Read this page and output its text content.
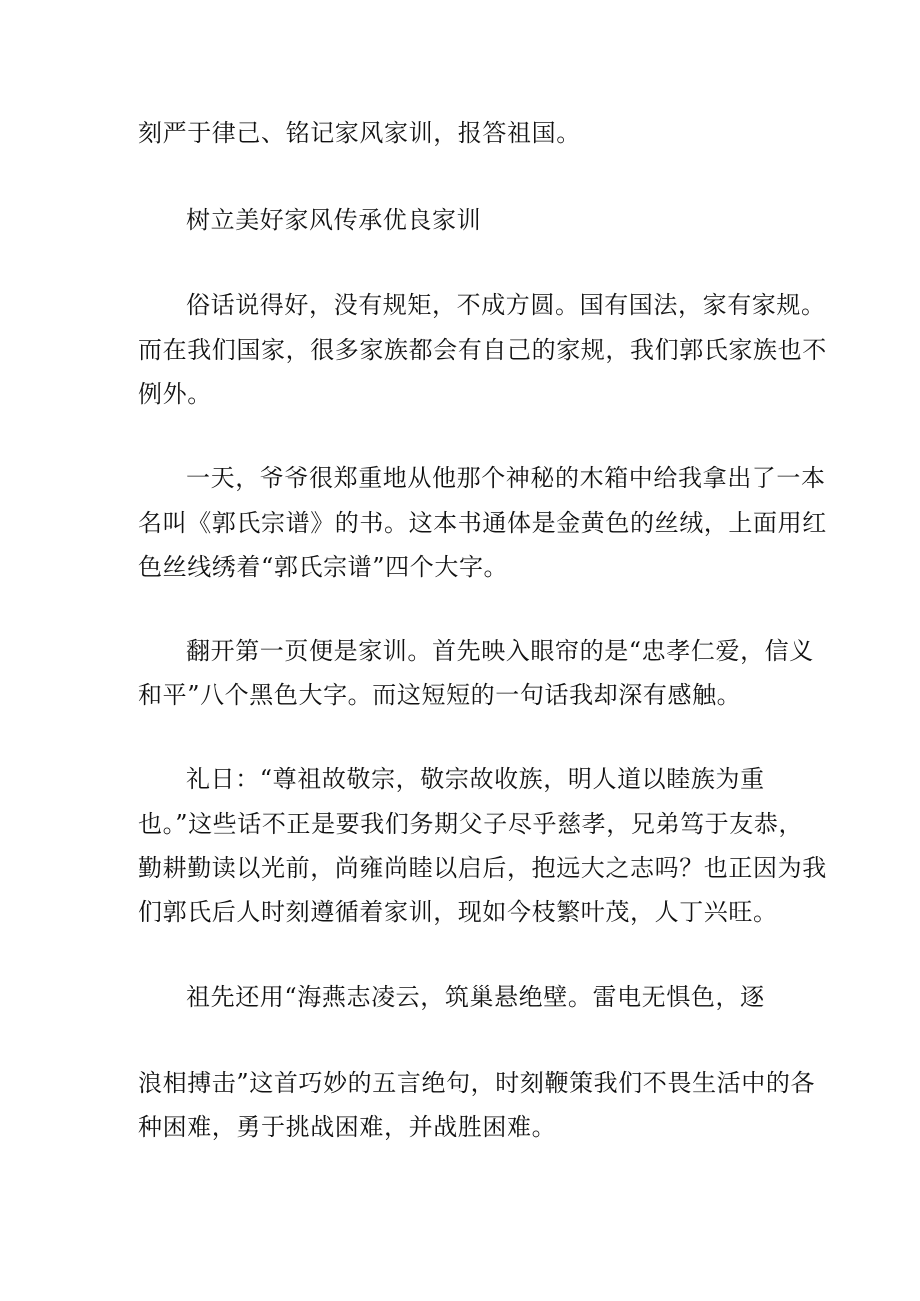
刻严于律己、铭记家风家训，报答祖国。
树立美好家风传承优良家训
俗话说得好，没有规矩，不成方圆。国有国法，家有家规。
而在我们国家，很多家族都会有自己的家规，我们郭氏家族也不
例外。
一天，爷爷很郑重地从他那个神秘的木箱中给我拿出了一本
名叫《郭氏宗谱》的书。这本书通体是金黄色的丝绒，上面用红
色丝线绣着“郭氏宗谱”四个大字。
翻开第一页便是家训。首先映入眼帘的是“忠孝仁爱，信义
和平”八个黑色大字。而这短短的一句话我却深有感触。
礼日：“尊祖故敬宗，敬宗故收族，明人道以睦族为重
也。”这些话不正是要我们务期父子尽乎慈孝，兄弟笃于友恭，
勤耕勤读以光前，尚雍尚睦以启后，抱远大之志吗？也正因为我
们郭氏后人时刻遵循着家训，现如今枝繁叶茂，人丁兴旺。
祖先还用“海燕志凌云，筑巢悬绝壁。雷电无惧色，逐
浪相搏击”这首巧妙的五言绝句，时刻鞭策我们不畏生活中的各
种困难，勇于挑战困难，并战胜困难。
